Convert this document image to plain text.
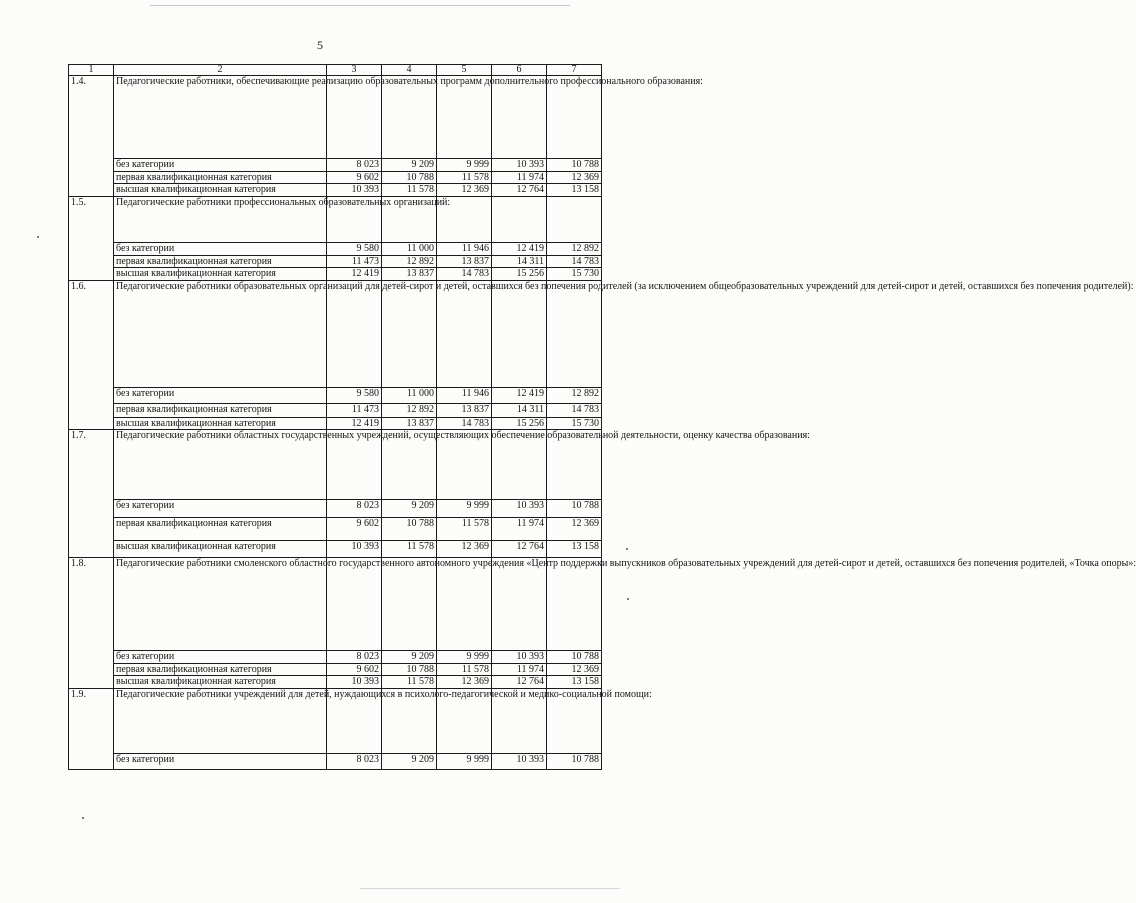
5
1	2	3	4	5	6	7
1.4.	Педагогические работники, обеспечивающие реализацию образовательных программ дополнительного профессионального образования:					
	без категории	8 023	9 209	9 999	10 393	10 788
	первая квалификационная категория	9 602	10 788	11 578	11 974	12 369
	высшая квалификационная категория	10 393	11 578	12 369	12 764	13 158
1.5.	Педагогические работники профессиональных образовательных организаций:					
	без категории	9 580	11 000	11 946	12 419	12 892
	первая квалификационная категория	11 473	12 892	13 837	14 311	14 783
	высшая квалификационная категория	12 419	13 837	14 783	15 256	15 730
1.6.	Педагогические работники образовательных организаций для детей-сирот и детей, оставшихся без попечения родителей (за исключением общеобразовательных учреждений для детей-сирот и детей, оставшихся без попечения родителей):					
	без категории	9 580	11 000	11 946	12 419	12 892
	первая квалификационная категория	11 473	12 892	13 837	14 311	14 783
	высшая квалификационная категория	12 419	13 837	14 783	15 256	15 730
1.7.	Педагогические работники областных государственных учреждений, осуществляющих обеспечение образовательной деятельности, оценку качества образования:					
	без категории	8 023	9 209	9 999	10 393	10 788
	первая квалификационная категория	9 602	10 788	11 578	11 974	12 369
	высшая квалификационная категория	10 393	11 578	12 369	12 764	13 158
1.8.	Педагогические работники смоленского областного государственного автономного учреждения «Центр поддержки выпускников образовательных учреждений для детей-сирот и детей, оставшихся без попечения родителей, «Точка опоры»:					
	без категории	8 023	9 209	9 999	10 393	10 788
	первая квалификационная категория	9 602	10 788	11 578	11 974	12 369
	высшая квалификационная категория	10 393	11 578	12 369	12 764	13 158
1.9.	Педагогические работники учреждений для детей, нуждающихся в психолого-педагогической и медико-социальной помощи:					
	без категории	8 023	9 209	9 999	10 393	10 788
